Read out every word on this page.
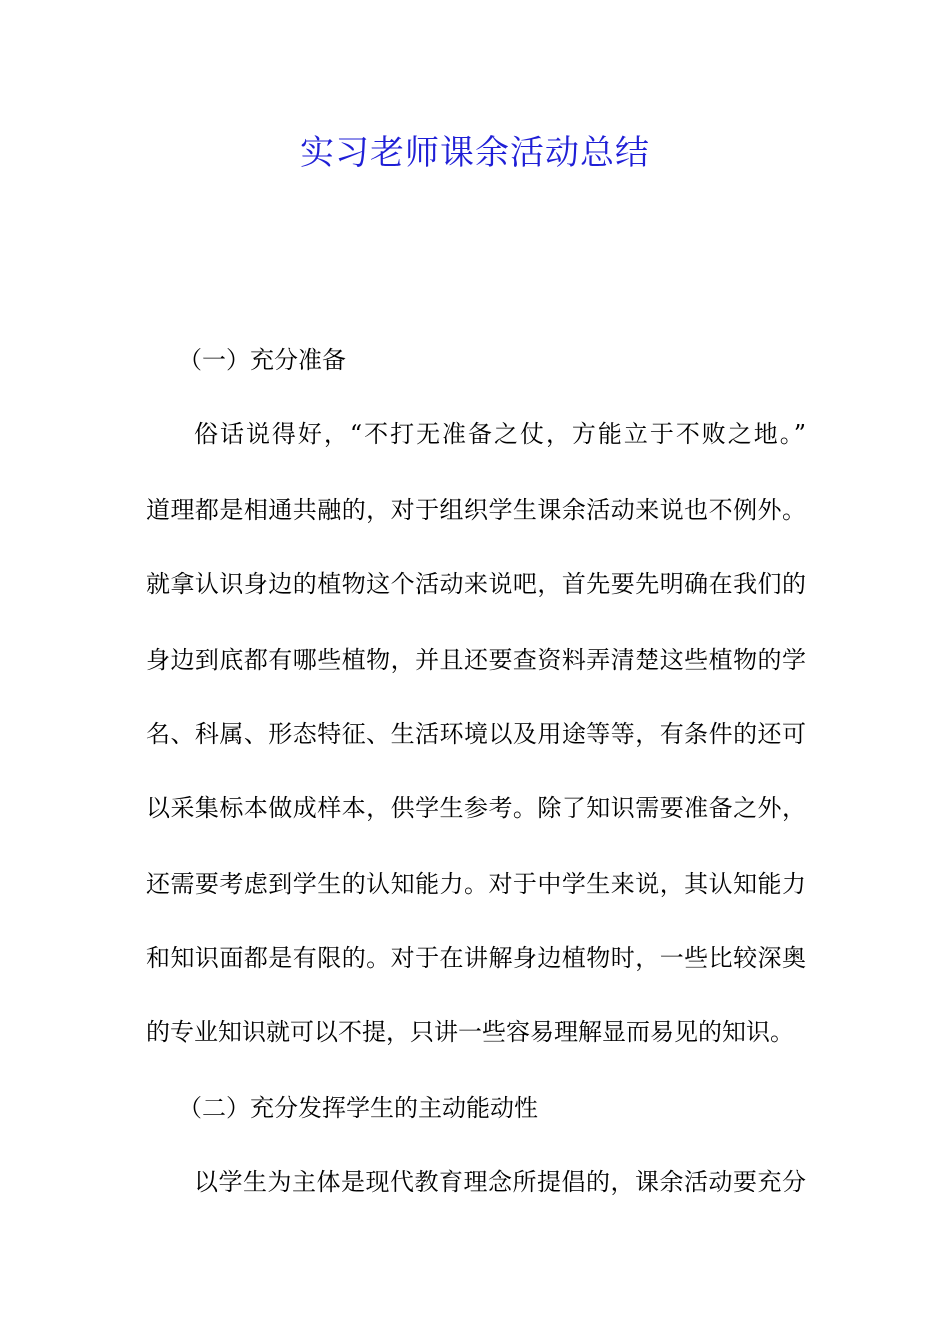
实习老师课余活动总结
（一）充分准备
俗话说得好，“不打无准备之仗，方能立于不败之地。”
道理都是相通共融的，对于组织学生课余活动来说也不例外。
就拿认识身边的植物这个活动来说吧，首先要先明确在我们的
身边到底都有哪些植物，并且还要查资料弄清楚这些植物的学
名、科属、形态特征、生活环境以及用途等等，有条件的还可
以采集标本做成样本，供学生参考。除了知识需要准备之外，
还需要考虑到学生的认知能力。对于中学生来说，其认知能力
和知识面都是有限的。对于在讲解身边植物时，一些比较深奥
的专业知识就可以不提，只讲一些容易理解显而易见的知识。
（二）充分发挥学生的主动能动性
以学生为主体是现代教育理念所提倡的，课余活动要充分
